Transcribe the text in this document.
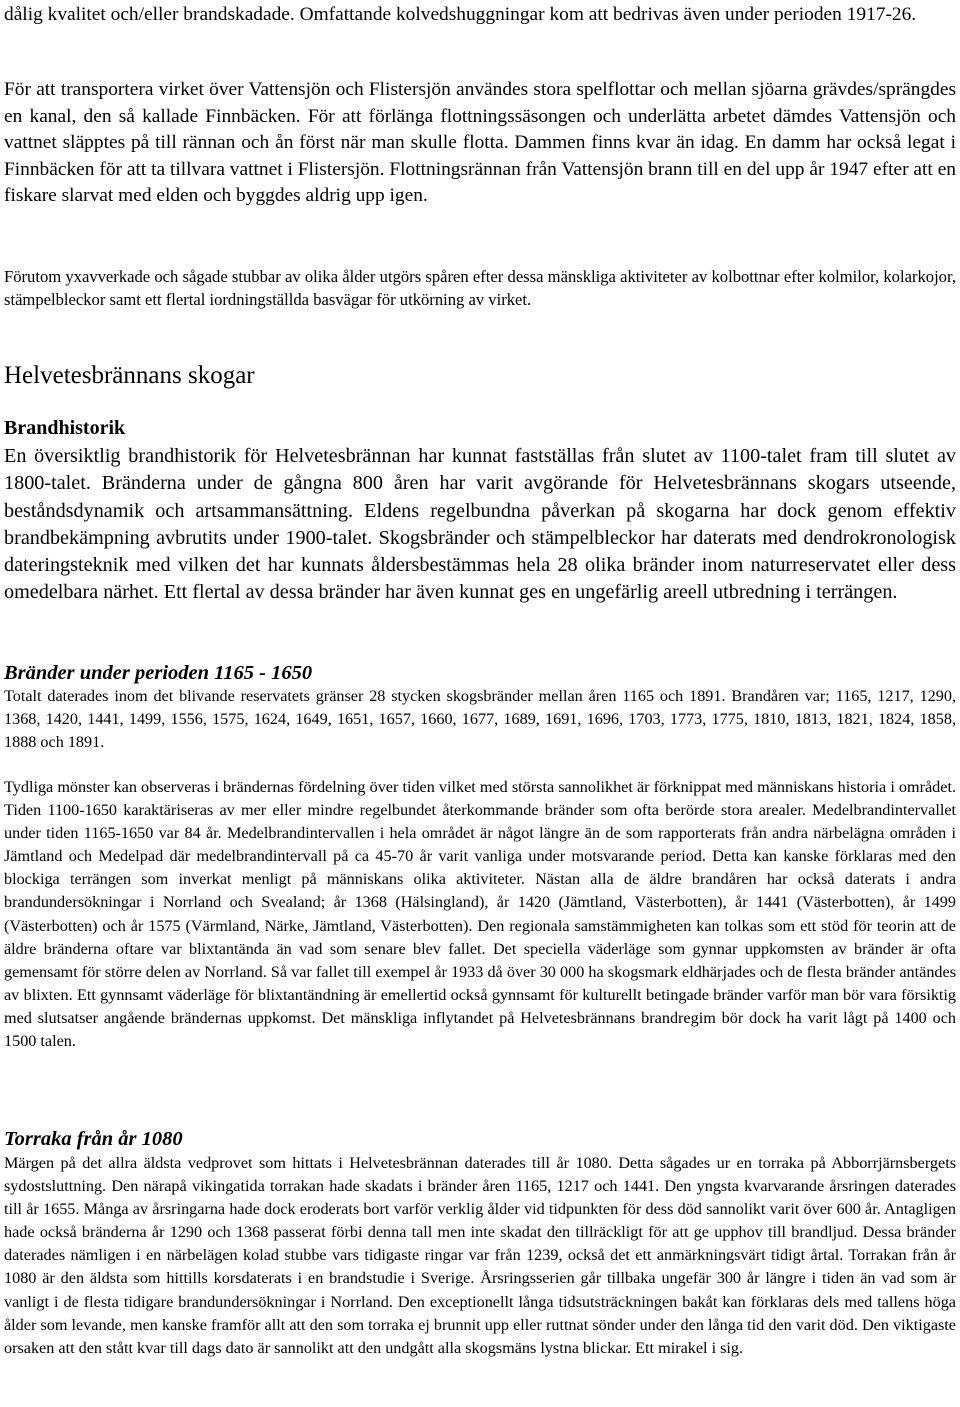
dålig kvalitet och/eller brandskadade. Omfattande kolvedshuggningar kom att bedrivas även under perioden 1917-26.

För att transportera virket över Vattensjön och Flistersjön användes stora spelflottar och mellan sjöarna grävdes/sprängdes en kanal, den så kallade Finnbäcken. För att förlänga flottningssäsongen och underlätta arbetet dämdes Vattensjön och vattnet släpptes på till rännan och ån först när man skulle flotta. Dammen finns kvar än idag. En damm har också legat i Finnbäcken för att ta tillvara vattnet i Flistersjön. Flottningsrännan från Vattensjön brann till en del upp år 1947 efter att en fiskare slarvat med elden och byggdes aldrig upp igen.

Förutom yxavverkade och sågade stubbar av olika ålder utgörs spåren efter dessa mänskliga aktiviteter av kolbottnar efter kolmilor, kolarkojor, stämpelbleckor samt ett flertal iordningställda basvägar för utkörning av virket.

Helvetesbrännans skogar
Brandhistorik

En översiktlig brandhistorik för Helvetesbrännan har kunnat fastställas från slutet av 1100-talet fram till slutet av 1800-talet. Bränderna under de gångna 800 åren har varit avgörande för Helvetesbrännans skogars utseende, beståndsdynamik och artsammansättning. Eldens regelbundna påverkan på skogarna har dock genom effektiv brandbekämpning avbrutits under 1900-talet. Skogsbränder och stämpelbleckor har daterats med dendrokronologisk dateringsteknik med vilken det har kunnats åldersbestämmas hela 28 olika bränder inom naturreservatet eller dess omedelbara närhet. Ett flertal av dessa bränder har även kunnat ges en ungefärlig areell utbredning i terrängen.

Bränder under perioden 1165 - 1650

Totalt daterades inom det blivande reservatets gränser 28 stycken skogsbränder mellan åren 1165 och 1891. Brandåren var; 1165, 1217, 1290, 1368, 1420, 1441, 1499, 1556, 1575, 1624, 1649, 1651, 1657, 1660, 1677, 1689, 1691, 1696, 1703, 1773, 1775, 1810, 1813, 1821, 1824, 1858, 1888 och 1891.

Tydliga mönster kan observeras i brändernas fördelning över tiden vilket med största sannolikhet är förknippat med människans historia i området. Tiden 1100-1650 karaktäriseras av mer eller mindre regelbundet återkommande bränder som ofta berörde stora arealer. Medelbrandintervallet under tiden 1165-1650 var 84 år. Medelbrandintervallen i hela området är något längre än de som rapporterats från andra närbelägna områden i Jämtland och Medelpad där medelbrandintervall på ca 45-70 år varit vanliga under motsvarande period. Detta kan kanske förklaras med den blockiga terrängen som inverkat menligt på människans olika aktiviteter. Nästan alla de äldre brandåren har också daterats i andra brandundersökningar i Norrland och Svealand; år 1368 (Hälsingland), år 1420 (Jämtland, Västerbotten), år 1441 (Västerbotten), år 1499 (Västerbotten) och år 1575 (Värmland, Närke, Jämtland, Västerbotten). Den regionala samstämmigheten kan tolkas som ett stöd för teorin att de äldre bränderna oftare var blixtantända än vad som senare blev fallet. Det speciella väderläge som gynnar uppkomsten av bränder är ofta gemensamt för större delen av Norrland. Så var fallet till exempel år 1933 då över 30 000 ha skogsmark eldhärjades och de flesta bränder antändes av blixten. Ett gynnsamt väderläge för blixtantändning är emellertid också gynnsamt för kulturellt betingade bränder varför man bör vara försiktig med slutsatser angående brändernas uppkomst. Det mänskliga inflytandet på Helvetesbrännans brandregim bör dock ha varit lågt på 1400 och 1500 talen.

Torraka från år 1080

Märgen på det allra äldsta vedprovet som hittats i Helvetesbrännan daterades till år 1080. Detta sågades ur en torraka på Abborrjärnsbergets sydostsluttning. Den närapå vikingatida torrakan hade skadats i bränder åren 1165, 1217 och 1441. Den yngsta kvarvarande årsringen daterades till år 1655. Många av årsringarna hade dock eroderats bort varför verklig ålder vid tidpunkten för dess död sannolikt varit över 600 år. Antagligen hade också bränderna år 1290 och 1368 passerat förbi denna tall men inte skadat den tillräckligt för att ge upphov till brandljud. Dessa bränder daterades nämligen i en närbelägen kolad stubbe vars tidigaste ringar var från 1239, också det ett anmärkningsvärt tidigt årtal. Torrakan från år 1080 är den äldsta som hittills korsdaterats i en brandstudie i Sverige. Årsringsserien går tillbaka ungefär 300 år längre i tiden än vad som är vanligt i de flesta tidigare brandundersökningar i Norrland. Den exceptionellt långa tidsutsträckningen bakåt kan förklaras dels med tallens höga ålder som levande, men kanske framför allt att den som torraka ej brunnit upp eller ruttnat sönder under den långa tid den varit död. Den viktigaste orsaken att den stått kvar till dags dato är sannolikt att den undgått alla skogsmäns lystna blickar. Ett mirakel i sig.
